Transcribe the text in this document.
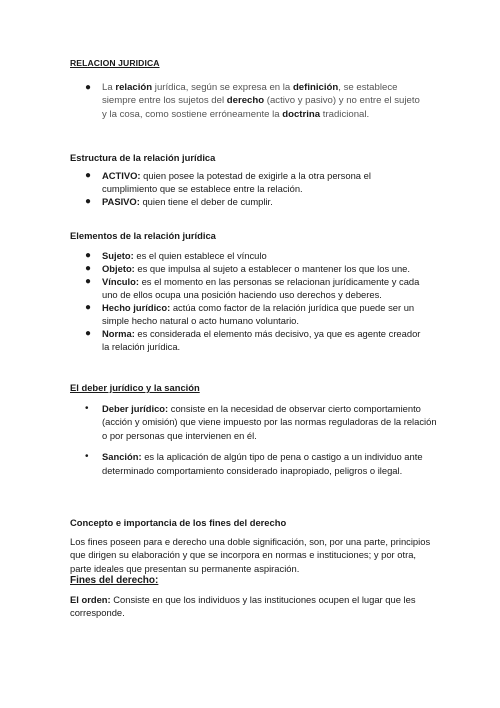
RELACION JURIDICA
● La relación jurídica, según se expresa en la definición, se establece siempre entre los sujetos del derecho (activo y pasivo) y no entre el sujeto y la cosa, como sostiene erróneamente la doctrina tradicional.
Estructura de la relación jurídica
● ACTIVO: quien posee la potestad de exigirle a la otra persona el cumplimiento que se establece entre la relación.
● PASIVO: quien tiene el deber de cumplir.
Elementos de la relación jurídica
● Sujeto: es el quien establece el vínculo
● Objeto: es que impulsa al sujeto a establecer o mantener los que los une.
● Vínculo: es el momento en las personas se relacionan jurídicamente y cada uno de ellos ocupa una posición haciendo uso derechos y deberes.
● Hecho jurídico: actúa como factor de la relación jurídica que puede ser un simple hecho natural o acto humano voluntario.
● Norma: es considerada el elemento más decisivo, ya que es agente creador la relación jurídica.
El deber jurídico y la sanción
• Deber jurídico: consiste en la necesidad de observar cierto comportamiento (acción y omisión) que viene impuesto por las normas reguladoras de la relación o por personas que intervienen en él.
• Sanción: es la aplicación de algún tipo de pena o castigo a un individuo ante determinado comportamiento considerado inapropiado, peligros o ilegal.
Concepto e importancia de los fines del derecho

Los fines poseen para e derecho una doble significación, son, por una parte, principios que dirigen su elaboración y que se incorpora en normas e instituciones; y por otra, parte ideales que presentan su permanente aspiración.

Fines del derecho:

El orden: Consiste en que los individuos y las instituciones ocupen el lugar que les corresponde.
